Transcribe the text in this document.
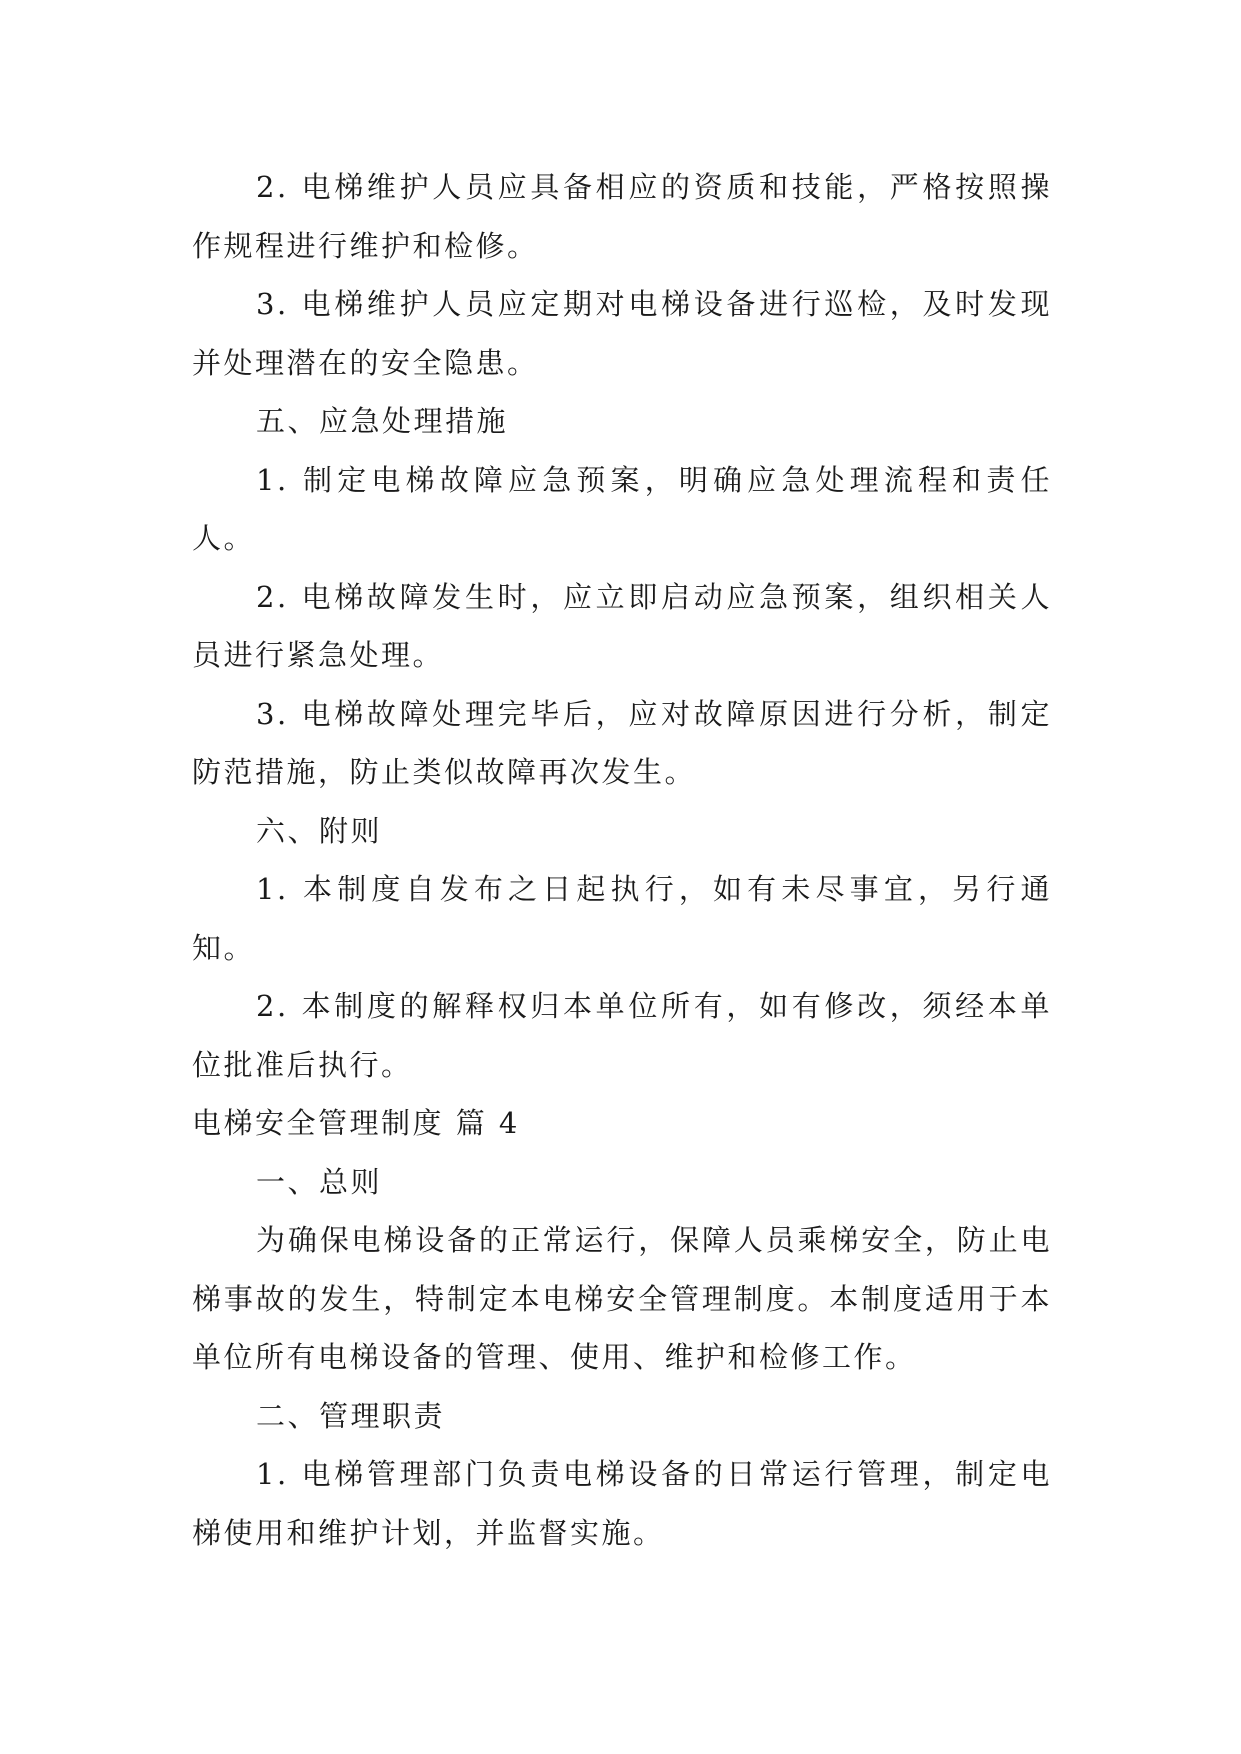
2. 电梯维护人员应具备相应的资质和技能，严格按照操作规程进行维护和检修。

3. 电梯维护人员应定期对电梯设备进行巡检，及时发现并处理潜在的安全隐患。

五、应急处理措施

1. 制定电梯故障应急预案，明确应急处理流程和责任人。

2. 电梯故障发生时，应立即启动应急预案，组织相关人员进行紧急处理。

3. 电梯故障处理完毕后，应对故障原因进行分析，制定防范措施，防止类似故障再次发生。

六、附则

1. 本制度自发布之日起执行，如有未尽事宜，另行通知。

2. 本制度的解释权归本单位所有，如有修改，须经本单位批准后执行。

电梯安全管理制度 篇 4

一、总则

为确保电梯设备的正常运行，保障人员乘梯安全，防止电梯事故的发生，特制定本电梯安全管理制度。本制度适用于本单位所有电梯设备的管理、使用、维护和检修工作。

二、管理职责

1. 电梯管理部门负责电梯设备的日常运行管理，制定电梯使用和维护计划，并监督实施。
